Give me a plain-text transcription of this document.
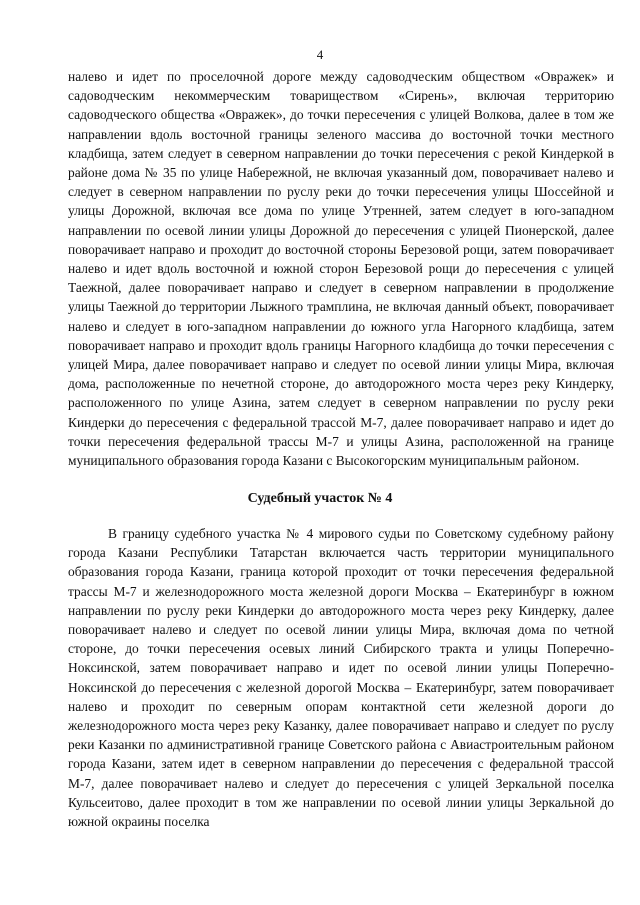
4

налево и идет по проселочной дороге между садоводческим обществом «Овражек» и садоводческим некоммерческим товариществом «Сирень», включая территорию садоводческого общества «Овражек», до точки пересечения с улицей Волкова, далее в том же направлении вдоль восточной границы зеленого массива до восточной точки местного кладбища, затем следует в северном направлении до точки пересечения с рекой Киндеркой в районе дома № 35 по улице Набережной, не включая указанный дом, поворачивает налево и следует в северном направлении по руслу реки до точки пересечения улицы Шоссейной и улицы Дорожной, включая все дома по улице Утренней, затем следует в юго-западном направлении по осевой линии улицы Дорожной до пересечения с улицей Пионерской, далее поворачивает направо и проходит до восточной стороны Березовой рощи, затем поворачивает налево и идет вдоль восточной и южной сторон Березовой рощи до пересечения с улицей Таежной, далее поворачивает направо и следует в северном направлении в продолжение улицы Таежной до территории Лыжного трамплина, не включая данный объект, поворачивает налево и следует в юго-западном направлении до южного угла Нагорного кладбища, затем поворачивает направо и проходит вдоль границы Нагорного кладбища до точки пересечения с улицей Мира, далее поворачивает направо и следует по осевой линии улицы Мира, включая дома, расположенные по нечетной стороне, до автодорожного моста через реку Киндерку, расположенного по улице Азина, затем следует в северном направлении по руслу реки Киндерки до пересечения с федеральной трассой М-7, далее поворачивает направо и идет до точки пересечения федеральной трассы М-7 и улицы Азина, расположенной на границе муниципального образования города Казани с Высокогорским муниципальным районом.

Судебный участок № 4

В границу судебного участка № 4 мирового судьи по Советскому судебному району города Казани Республики Татарстан включается часть территории муниципального образования города Казани, граница которой проходит от точки пересечения федеральной трассы М-7 и железнодорожного моста железной дороги Москва – Екатеринбург в южном направлении по руслу реки Киндерки до автодорожного моста через реку Киндерку, далее поворачивает налево и следует по осевой линии улицы Мира, включая дома по четной стороне, до точки пересечения осевых линий Сибирского тракта и улицы Поперечно-Ноксинской, затем поворачивает направо и идет по осевой линии улицы Поперечно-Ноксинской до пересечения с железной дорогой Москва – Екатеринбург, затем поворачивает налево и проходит по северным опорам контактной сети железной дороги до железнодорожного моста через реку Казанку, далее поворачивает направо и следует по руслу реки Казанки по административной границе Советского района с Авиастроительным районом города Казани, затем идет в северном направлении до пересечения с федеральной трассой М-7, далее поворачивает налево и следует до пересечения с улицей Зеркальной поселка Кульсеитово, далее проходит в том же направлении по осевой линии улицы Зеркальной до южной окраины поселка
